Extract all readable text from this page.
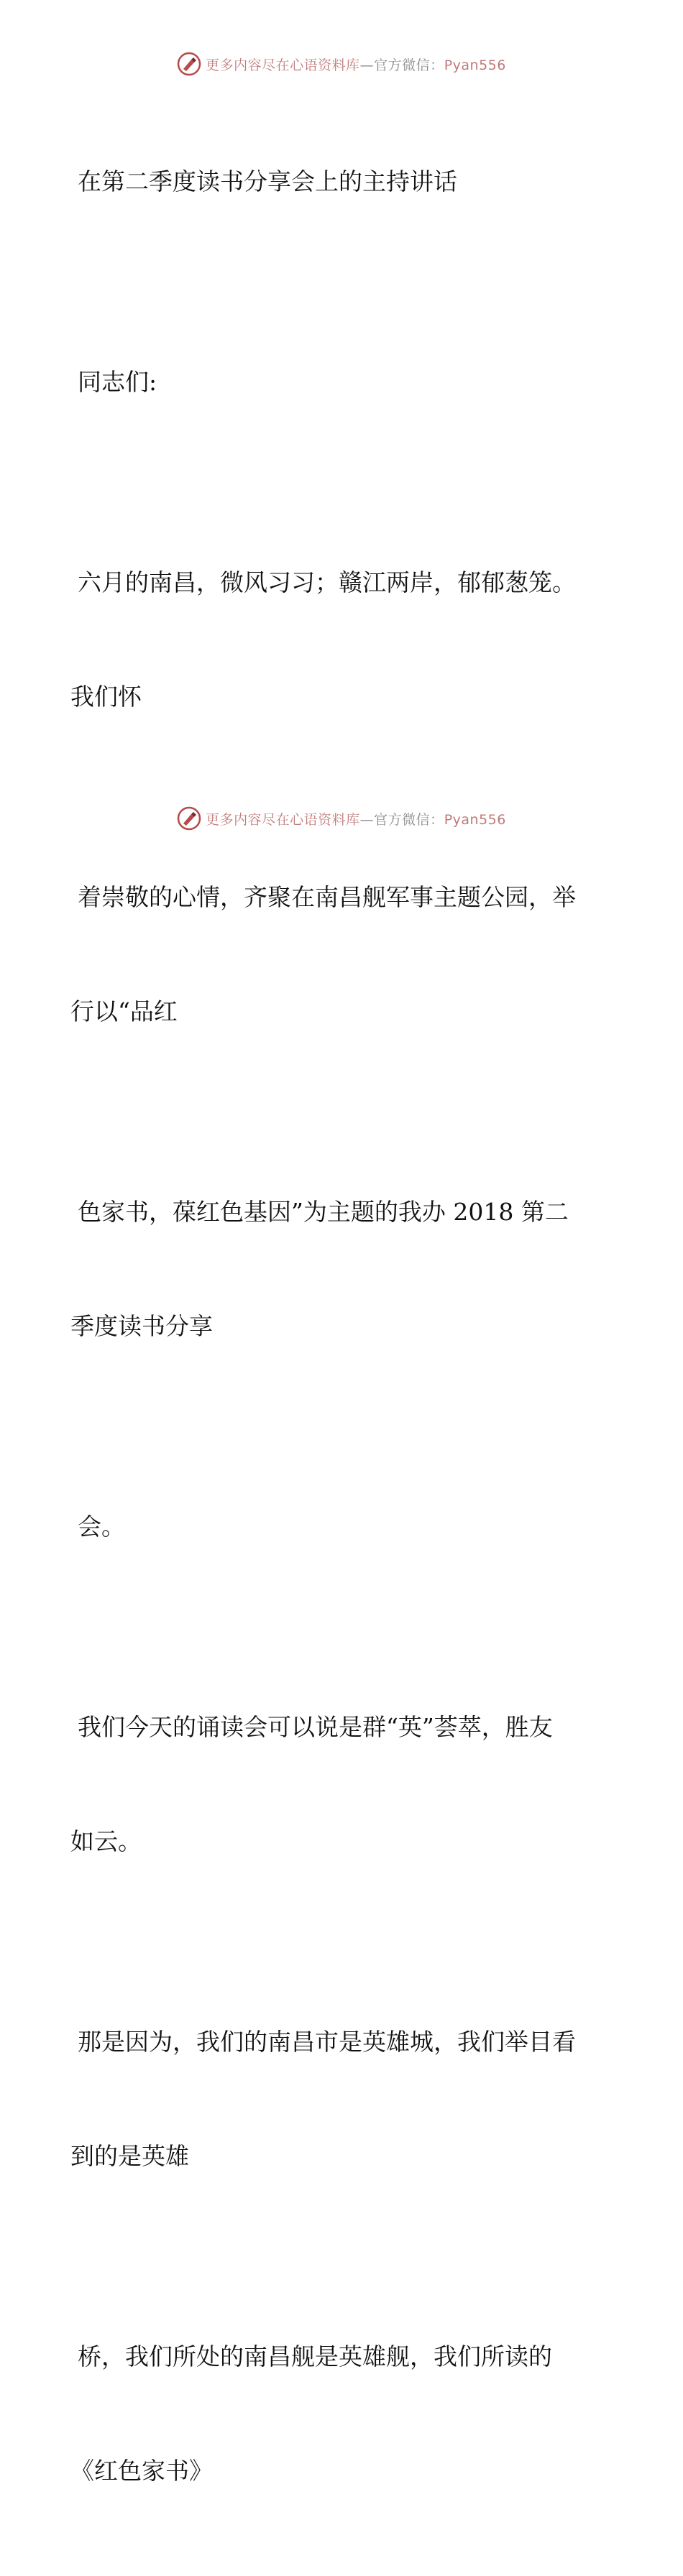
更多内容尽在心语资料库—官方微信：Pyan556

在第二季度读书分享会上的主持讲话

同志们:

六月的南昌，微风习习；赣江两岸，郁郁葱笼。

我们怀

着崇敬的心情，齐聚在南昌舰军事主题公园，举

行以“品红

色家书，葆红色基因”为主题的我办 2018 第二

季度读书分享

会。

我们今天的诵读会可以说是群“英”荟萃，胜友

如云。

那是因为，我们的南昌市是英雄城，我们举目看

到的是英雄

桥，我们所处的南昌舰是英雄舰，我们所读的

《红色家书》

更多内容尽在心语资料库—官方微信：Pyan556
